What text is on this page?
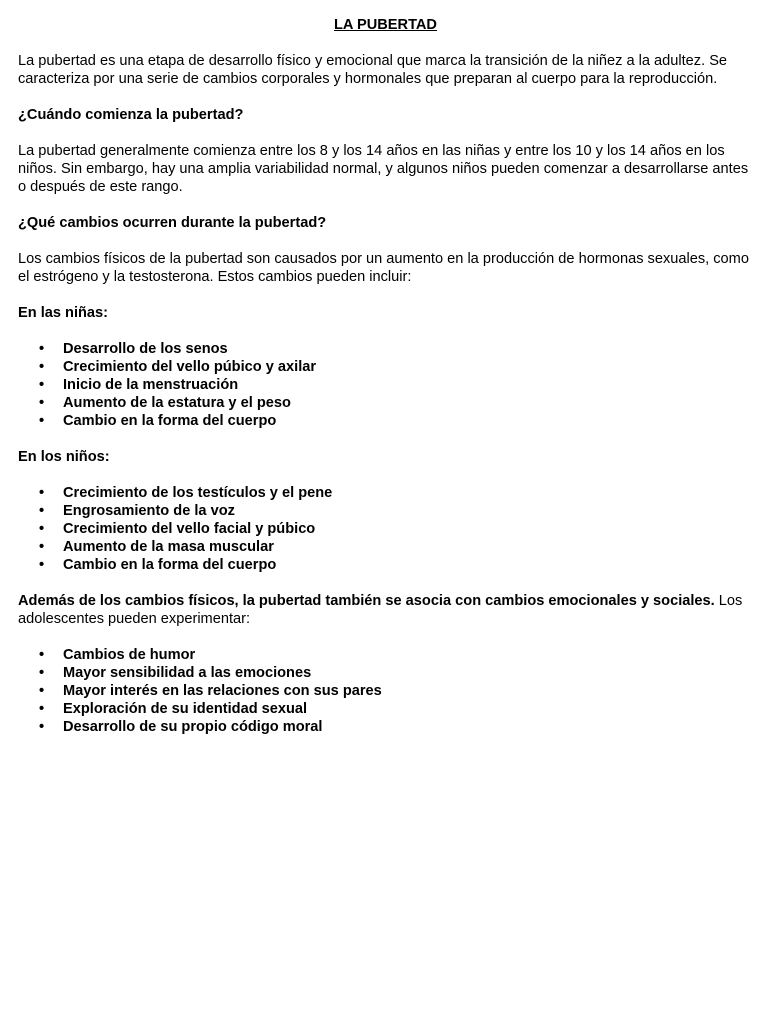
LA PUBERTAD

La pubertad es una etapa de desarrollo físico y emocional que marca la transición de la niñez a la adultez. Se caracteriza por una serie de cambios corporales y hormonales que preparan al cuerpo para la reproducción.

¿Cuándo comienza la pubertad?

La pubertad generalmente comienza entre los 8 y los 14 años en las niñas y entre los 10 y los 14 años en los niños. Sin embargo, hay una amplia variabilidad normal, y algunos niños pueden comenzar a desarrollarse antes o después de este rango.

¿Qué cambios ocurren durante la pubertad?

Los cambios físicos de la pubertad son causados por un aumento en la producción de hormonas sexuales, como el estrógeno y la testosterona. Estos cambios pueden incluir:

En las niñas:

• Desarrollo de los senos
• Crecimiento del vello púbico y axilar
• Inicio de la menstruación
• Aumento de la estatura y el peso
• Cambio en la forma del cuerpo

En los niños:

• Crecimiento de los testículos y el pene
• Engrosamiento de la voz
• Crecimiento del vello facial y púbico
• Aumento de la masa muscular
• Cambio en la forma del cuerpo

Además de los cambios físicos, la pubertad también se asocia con cambios emocionales y sociales. Los adolescentes pueden experimentar:

• Cambios de humor
• Mayor sensibilidad a las emociones
• Mayor interés en las relaciones con sus pares
• Exploración de su identidad sexual
• Desarrollo de su propio código moral
